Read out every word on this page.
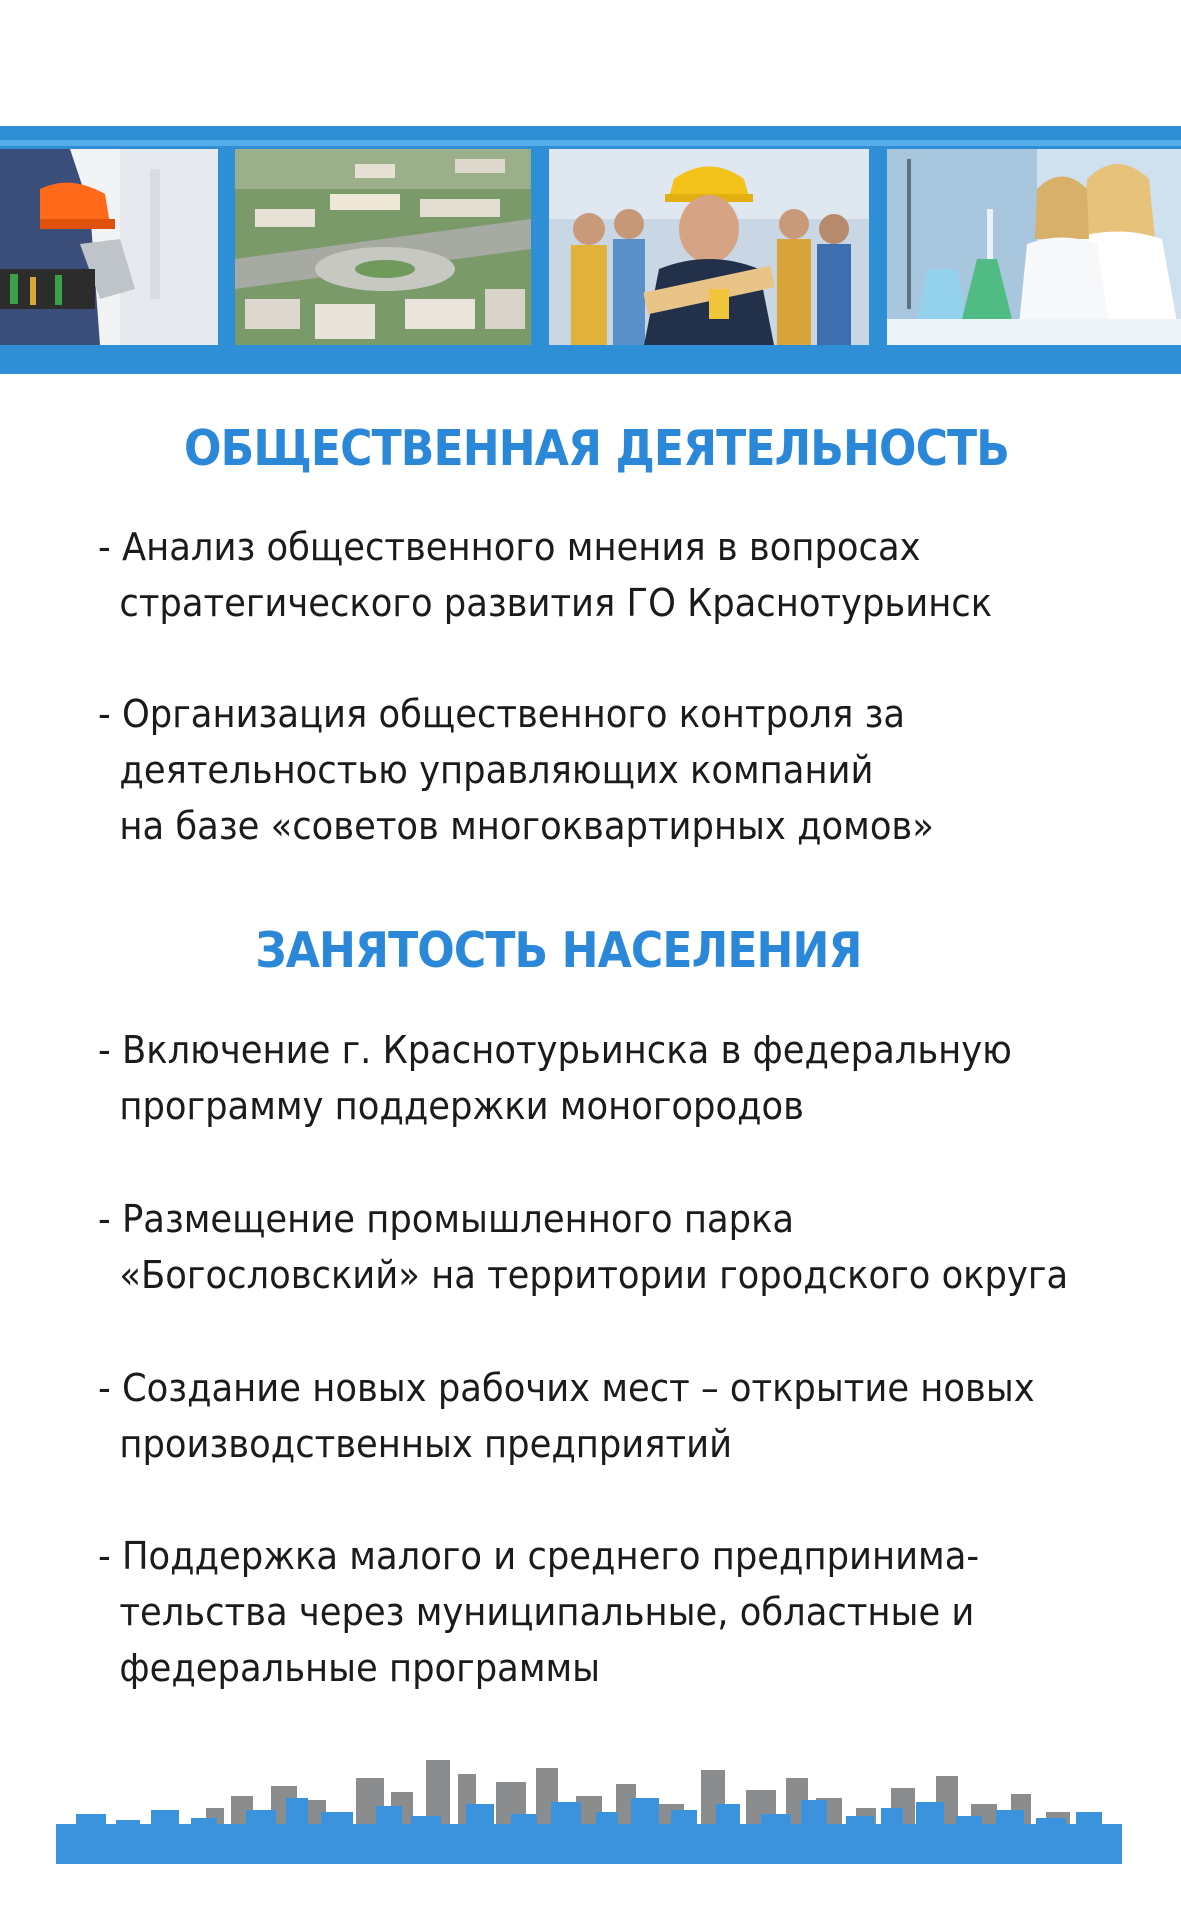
ОБЩЕСТВЕННАЯ ДЕЯТЕЛЬНОСТЬ
- Анализ общественного мнения в вопросах
стратегического развития ГО Краснотурьинск
- Организация общественного контроля за
деятельностью управляющих компаний
на базе «советов многоквартирных домов»
ЗАНЯТОСТЬ НАСЕЛЕНИЯ
- Включение г. Краснотурьинска в федеральную
программу поддержки моногородов
- Размещение промышленного парка
«Богословский» на территории городского округа
- Создание новых рабочих мест – открытие новых
производственных предприятий
- Поддержка малого и среднего предпринима-
тельства через муниципальные, областные и
федеральные программы
